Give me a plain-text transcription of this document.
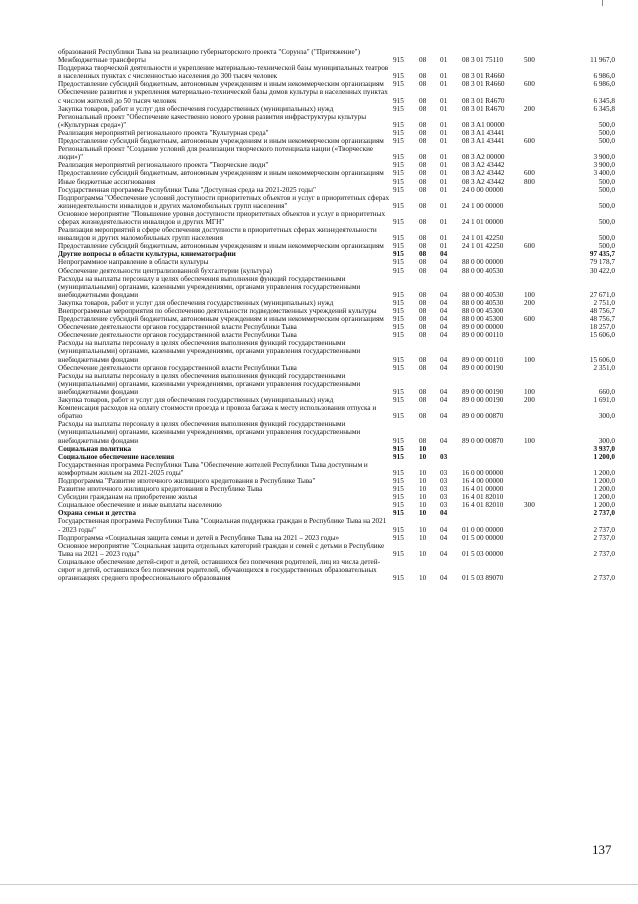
образований Республики Тыва на реализацию губернаторского проекта "Сорунза" ("Притяжение")
Межбюджетные трансферты	915	08	01	08 3 01 75110	500	11 967,0
Поддержка творческой деятельности и укрепление материально-технической базы муниципальных театров в населенных пунктах с численностью населения до 300 тысяч человек	915	08	01	08 3 01 R4660	6 986,0
Предоставление субсидий бюджетным, автономным учреждениям и иным некоммерческим организациям	915	08	01	08 3 01 R4660	600	6 986,0
Обеспечение развития и укрепления материально-технической базы домов культуры в населенных пунктах с числом жителей до 50 тысяч человек	915	08	01	08 3 01 R4670	6 345,8
Закупка товаров, работ и услуг для обеспечения государственных (муниципальных) нужд	915	08	01	08 3 01 R4670	200	6 345,8
Региональный проект "Обеспечение качественно нового уровня развития инфраструктуры культуры («Культурная среда»)"	915	08	01	08 3 A1 00000	500,0
Реализация мероприятий регионального проекта "Культурная среда"	915	08	01	08 3 A1 43441	500,0
Предоставление субсидий бюджетным, автономным учреждениям и иным некоммерческим организациям	915	08	01	08 3 A1 43441	600	500,0
Региональный проект "Создание условий для реализации творческого потенциала нации («Творческие люди»)"	915	08	01	08 3 A2 00000	3 900,0
Реализация мероприятий регионального проекта "Творческие люди"	915	08	01	08 3 A2 43442	3 900,0
Предоставление субсидий бюджетным, автономным учреждениям и иным некоммерческим организациям	915	08	01	08 3 A2 43442	600	3 400,0
Иные бюджетные ассигнования	915	08	01	08 3 A2 43442	800	500,0
Государственная программа Республики Тыва "Доступная среда на 2021-2025 годы"	915	08	01	24 0 00 00000	500,0
Подпрограмма "Обеспечение условий доступности приоритетных объектов и услуг в приоритетных сферах жизнедеятельности инвалидов и других маломобильных групп населения"	915	08	01	24 1 00 00000	500,0
Основное мероприятие "Повышение уровня доступности приоритетных объектов и услуг в приоритетных сферах жизнедеятельности инвалидов и других МГН"	915	08	01	24 1 01 00000	500,0
Реализация мероприятий в сфере обеспечения доступности в приоритетных сферах жизнедеятельности инвалидов и других маломобильных групп населения	915	08	01	24 1 01 42250	500,0
Предоставление субсидий бюджетным, автономным учреждениям и иным некоммерческим организациям	915	08	01	24 1 01 42250	600	500,0
Другие вопросы в области культуры, кинематографии	915	08	04	97 435,7
Непрограммное направление в области культуры	915	08	04	88 0 00 00000	79 178,7
Обеспечение деятельности централизованной бухгалтерии (культура)	915	08	04	88 0 00 40530	30 422,0
Расходы на выплаты персоналу в целях обеспечения выполнения функций государственными (муниципальными) органами, казенными учреждениями, органами управления государственными внебюджетными фондами	915	08	04	88 0 00 40530	100	27 671,0
Закупка товаров, работ и услуг для обеспечения государственных (муниципальных) нужд	915	08	04	88 0 00 40530	200	2 751,0
Внепрограммные мероприятия по обеспечению деятельности подведомственных учреждений культуры	915	08	04	88 0 00 45300	48 756,7
Предоставление субсидий бюджетным, автономным учреждениям и иным некоммерческим организациям	915	08	04	88 0 00 45300	600	48 756,7
Обеспечение деятельности органов государственной власти Республики Тыва	915	08	04	89 0 00 00000	18 257,0
Обеспечение деятельности органов государственной власти Республики Тыва	915	08	04	89 0 00 00110	15 606,0
Расходы на выплаты персоналу в целях обеспечения выполнения функций государственными (муниципальными) органами, казенными учреждениями, органами управления государственными внебюджетными фондами	915	08	04	89 0 00 00110	100	15 606,0
Обеспечение деятельности органов государственной власти Республики Тыва	915	08	04	89 0 00 00190	2 351,0
Расходы на выплаты персоналу в целях обеспечения выполнения функций государственными (муниципальными) органами, казенными учреждениями, органами управления государственными внебюджетными фондами	915	08	04	89 0 00 00190	100	660,0
Закупка товаров, работ и услуг для обеспечения государственных (муниципальных) нужд	915	08	04	89 0 00 00190	200	1 691,0
Компенсация расходов на оплату стоимости проезда и провоза багажа к месту использования отпуска и обратно	915	08	04	89 0 00 00870	300,0
Расходы на выплаты персоналу в целях обеспечения выполнения функций государственными (муниципальными) органами, казенными учреждениями, органами управления государственными внебюджетными фондами	915	08	04	89 0 00 00870	100	300,0
Социальная политика	915	10	3 937,0
Социальное обеспечение населения	915	10	03	1 200,0
Государственная программа Республики Тыва "Обеспечение жителей Республики Тыва доступным и комфортным жильем на 2021-2025 годы"	915	10	03	16 0 00 00000	1 200,0
Подпрограмма "Развитие ипотечного жилищного кредитования в Республике Тыва"	915	10	03	16 4 00 00000	1 200,0
Развитие ипотечного жилищного кредитования в Республике Тыва	915	10	03	16 4 01 00000	1 200,0
Субсидии гражданам на приобретение жилья	915	10	03	16 4 01 82010	1 200,0
Социальное обеспечение и иные выплаты населению	915	10	03	16 4 01 82010	300	1 200,0
Охрана семьи и детства	915	10	04	2 737,0
Государственная программа Республики Тыва "Социальная поддержка граждан в Республике Тыва на 2021 - 2023 годы"	915	10	04	01 0 00 00000	2 737,0
Подпрограмма «Социальная защита семьи и детей в Республике Тыва на 2021 – 2023 годы»	915	10	04	01 5 00 00000	2 737,0
Основное мероприятие "Социальная защита отдельных категорий граждан и семей с детьми в Республике Тыва на 2021 – 2023 годы"	915	10	04	01 5 03 00000	2 737,0
Социальное обеспечение детей-сирот и детей, оставшихся без попечения родителей, лиц из числа детей-сирот и детей, оставшихся без попечения родителей, обучающихся в государственных образовательных организациях среднего профессионального образования	915	10	04	01 5 03 89070	2 737,0
137
